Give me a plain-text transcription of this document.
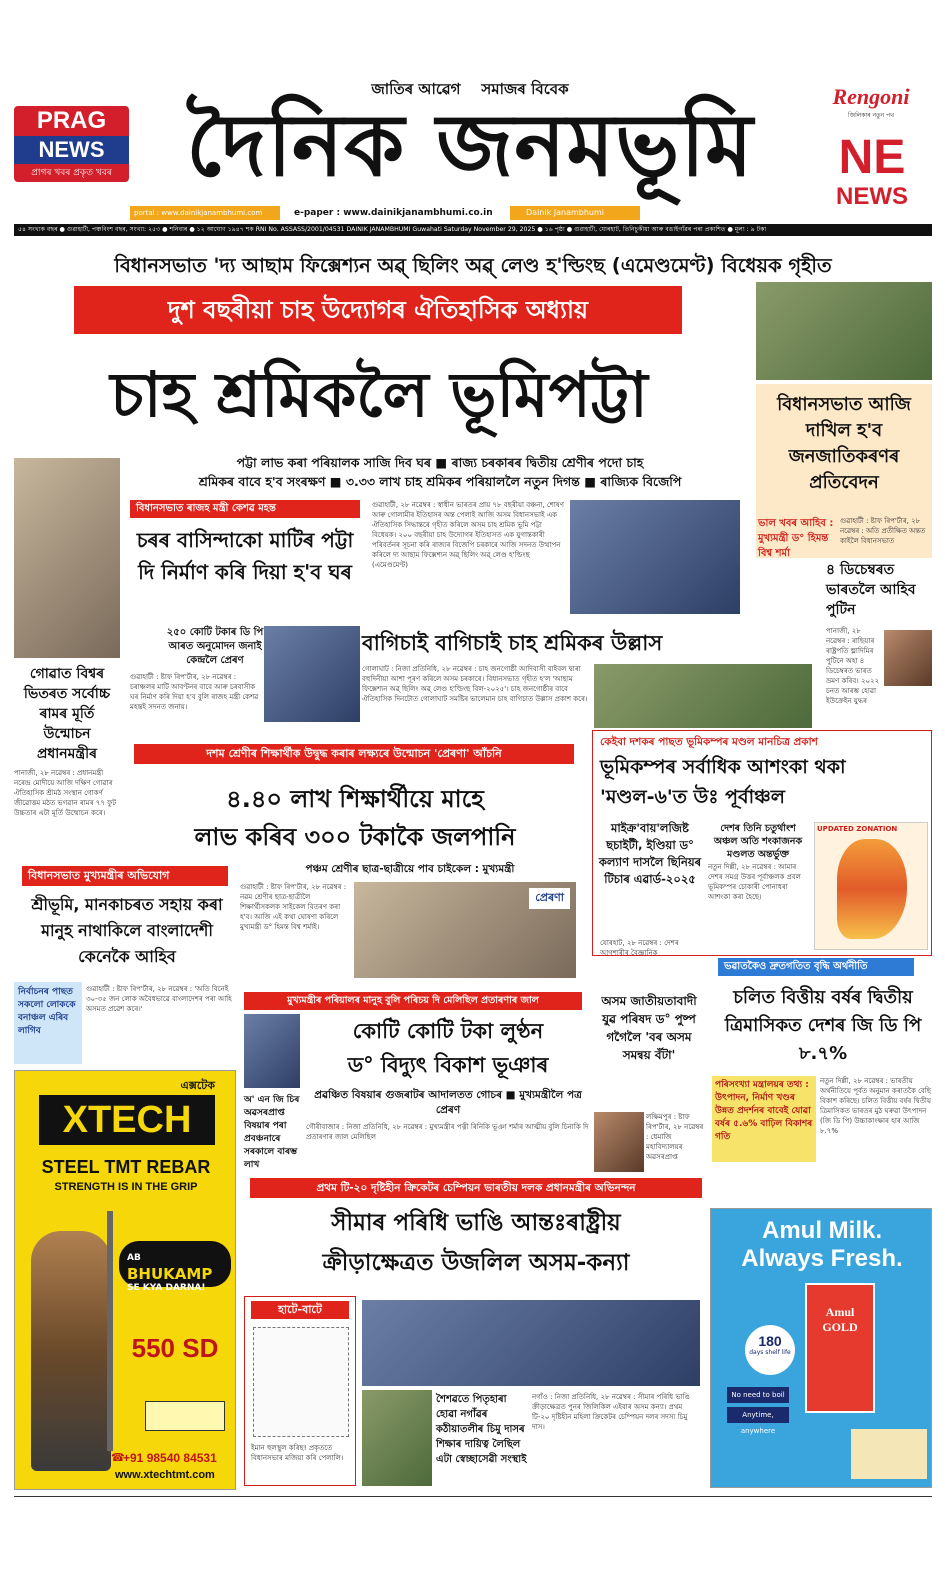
PRAG
NEWS
প্ৰাগৰ খবৰ প্ৰকৃত খবৰ
জাতিৰ আৱেগ    সমাজৰ বিবেক
দৈনিক জনমভূমি
portal : www.dainikjanambhumi.com	e-paper : www.dainikjanambhumi.co.in	Dainik Janambhumi
Rengoni
জিলিকাৰ নতুন পথ
NE
NEWS
৫৪ সংখ্যক বছৰ ● গুৱাহাটী, পঞ্চবিংশ বছৰ, সংখ্যা: ২৫৩ ● শনিবাৰ ● ১২ আঘোণ ১৯৪৭ শক RNI No. ASSASS/2001/04531 DAINIK JANAMBHUMI Guwahati Saturday November 29, 2025 ● ১৬ পৃষ্ঠা ● গুৱাহাটী, যোৰহাট, তিনিচুকীয়া আৰু বঙাইগাঁৱৰ পৰা প্ৰকাশিত ● মূল্য : ৯ টকা
বিধানসভাত 'দ্য আছাম ফিক্সেশ্যন অৱ্ ছিলিং অৱ্ লেণ্ড হ'ল্ডিংছ (এমেণ্ডমেণ্ট) বিধেয়ক গৃহীত
দুশ বছৰীয়া চাহ উদ্যোগৰ ঐতিহাসিক অধ্যায়
চাহ শ্ৰমিকলৈ ভূমিপট্টা
পট্টা লাভ কৰা পৰিয়ালক সাজি দিব ঘৰ ■ ৰাজ্য চৰকাৰৰ দ্বিতীয় শ্ৰেণীৰ পদো চাহ
শ্ৰমিকৰ বাবে হ'ব সংৰক্ষণ ■ ৩.৩৩ লাখ চাহ শ্ৰমিকৰ পৰিয়াললৈ নতুন দিগন্ত ■ ৰাজ্যিক বিজেপি
বিধানসভাত আজি দাখিল হ'ব জনজাতিকৰণৰ প্ৰতিবেদন
ভাল খবৰ আহিব : মুখ্যমন্ত্ৰী ড° হিমন্ত বিশ্ব শৰ্মা
গুৱাহাটী : ষ্টাফ ৰিপ'ৰ্টাৰ, ২৮ নৱেম্বৰ : অতি প্ৰতীক্ষিত অন্তত কাইলৈ বিধানসভাত
৪ ডিচেম্বৰত ভাৰতলৈ আহিব পুটিন
পানাজী, ২৮ নৱেম্বৰ : ৰাছিয়াৰ ৰাষ্ট্ৰপতি ভ্লাদিমিৰ পুটিনে অহা ৪ ডিচেম্বৰত ভাৰত ভ্ৰমণ কৰিব। ২০২২ চনত আৰম্ভ হোৱা ইউক্ৰেইন যুদ্ধৰ
গোৱাত বিশ্বৰ ভিতৰত সৰ্বোচ্চ ৰামৰ মূৰ্তি উন্মোচন প্ৰধানমন্ত্ৰীৰ
পানাজী, ২৮ নৱেম্বৰ : প্ৰধানমন্ত্ৰী নৰেন্দ্ৰ মোদীয়ে আজি দক্ষিণ গোৱাৰ ঐতিহাসিক শ্ৰীমঠ সংস্থান গোকৰ্ণ জীৱোত্তম মঠত ভগৱান ৰামৰ ৭৭ ফুট উচ্চতাৰ এটা মূৰ্তি উন্মোচন কৰে।
বিধানসভাত ৰাজহ মন্ত্ৰী কেশৱ মহন্ত
চৰৰ বাসিন্দাকো মাটিৰ পট্টা দি নিৰ্মাণ কৰি দিয়া হ'ব ঘৰ
২৫০ কোটি টকাৰ ডি পি আৰত অনুমোদন জনাই কেন্দ্ৰলৈ প্ৰেৰণ
গুৱাহাটী : ষ্টাফ ৰিপ'ৰ্টাৰ, ২৮ নৱেম্বৰ : চৰাঞ্চলৰ মাটি আবণ্টনৰ বাবে আৰু চৰবাসীক ঘৰ নিৰ্মাণ কৰি দিয়া হ'ব বুলি ৰাজহ মন্ত্ৰী কেশৱ মহন্তই সদনত জনায়।
গুৱাহাটী, ২৮ নৱেম্বৰ : স্বাধীন ভাৰতৰ প্ৰায় ৭৮ বছৰীয়া বঞ্চনা, শোষণ আৰু গোলামীৰ ইতিহাসৰ অন্ত পেলাই আজি অসম বিধানসভাই এক ঐতিহাসিক সিদ্ধান্তৰে গৃহীত কৰিলে অসম চাহ শ্ৰমিক ভূমি পট্টা বিধেয়ক। ২০০ বছৰীয়া চাহ উদ্যোগৰ ইতিহাসত এক যুগান্তকাৰী পৰিবৰ্তনৰ সূচনা কৰি ৰাজ্যৰ বিজেপি চৰকাৰে আজি সদনত উত্থাপন কৰিলে দ্য আছাম ফিক্সেশ্যন অৱ্ ছিলিং অৱ্ লেণ্ড হ'ল্ডিংছ (এমেণ্ডমেণ্ট)
বাগিচাই বাগিচাই চাহ শ্ৰমিকৰ উল্লাস
গোলাঘাট : নিজা প্ৰতিনিধি, ২৮ নৱেম্বৰ : চাহ জনগোষ্ঠী আদিবাসী বাইবল দ্বাৰা বহুদিনীয়া আশা পূৰণ কৰিলে অসম চৰকাৰে। বিধানসভাত গৃহীত হ'ল 'আছাম ফিক্সেশ্যন অৱ্ ছিলিং অৱ্ লেণ্ড হ'ল্ডিংছ বিল-২০২৫'। চাহ জনগোষ্ঠীৰ বাবে ঐতিহাসিক দিনটোত গোলাঘাট সমষ্টিৰ ভালেমান চাহ বাগিচাত উল্লাস প্ৰকাশ কৰে।
দশম শ্ৰেণীৰ শিক্ষাৰ্থীক উদ্বুদ্ধ কৰাৰ লক্ষ্যৰে উন্মোচন 'প্ৰেৰণা' আঁচনি
৪.৪০ লাখ শিক্ষাৰ্থীয়ে মাহে
লাভ কৰিব ৩০০ টকাকৈ জলপানি
পঞ্চম শ্ৰেণীৰ ছাত্ৰ-ছাত্ৰীয়ে পাব চাইকেল : মুখ্যমন্ত্ৰী
গুৱাহাটী : ষ্টাফ ৰিপ'ৰ্টাৰ, ২৮ নৱেম্বৰ : নৱম শ্ৰেণীৰ ছাত্ৰ-ছাত্ৰীলৈ শিক্ষাৰ্থীসকলক সাইকেল বিতৰণ কৰা হ'ব। আজি এই কথা ঘোষণা কৰিলে মুখ্যমন্ত্ৰী ড° হিমন্ত বিশ্ব শৰ্মাই।
প্ৰেৰণা
বিধানসভাত মুখ্যমন্ত্ৰীৰ অভিযোগ
শ্ৰীভূমি, মানকাচৰত সহায় কৰা মানুহ নাথাকিলে বাংলাদেশী কেনেকৈ আহিব
নিৰ্বাচনৰ পাছত সকলো লোককে বনাঞ্চল এৰিব লাগিব
গুৱাহাটী : ষ্টাফ ৰিপ'ৰ্টাৰ, ২৮ নৱেম্বৰ : 'অতি বিনেই ৩০-৩৫ জন লোক অবৈধভাৱে বাংলাদেশৰ পৰা আহি অসমত প্ৰৱেশ কৰে।'
কেইবা দশকৰ পাছত ভূমিকম্পৰ মণ্ডল মানচিত্ৰ প্ৰকাশ
ভূমিকম্পৰ সৰ্বাধিক আশংকা থকা 'মণ্ডল-৬'ত উঃ পূৰ্বাঞ্চল
যোৰহাট, ২৮ নৱেম্বৰ : দেশৰ আগশাৰীৰ বৈজ্ঞানিক
মাইক্ৰ'বায়'লজিষ্ট ছচাইটী, ইণ্ডিয়া ড° কল্যাণ দাসলৈ ছিনিয়ৰ টিচাৰ এৱাৰ্ড-২০২৫
দেশৰ তিনি চতুৰ্থাংশ অঞ্চল অতি শংকাজনক মণ্ডলত অন্তৰ্ভুক্ত
নতুন দিল্লী, ২৮ নৱেম্বৰ : আমাৰ দেশৰ সমগ্ৰ উত্তৰ পূৰ্বাঞ্চলক প্ৰবল ভূমিকম্পৰ চোকাৰী পোনাধৰা আশংকা কৰা হৈছে।
UPDATED ZONATION
অসম জাতীয়তাবাদী যুৱ পৰিষদ ড° পুষ্প গগৈলৈ 'বৰ অসম সমন্বয় বঁটা'
লক্ষিমপুৰ : ষ্টাফ ৰিপ'ৰ্টাৰ, ২৮ নৱেম্বৰ : ধেমাজি মহাবিদ্যালয়ৰ অৱসৰপ্ৰাপ্ত
ভৱাতকৈও দ্ৰুতগতিত বৃদ্ধি অৰ্থনীতি
চলিত বিত্তীয় বৰ্ষৰ দ্বিতীয় ত্ৰিমাসিকত দেশৰ জি ডি পি ৮.৭%
পৰিসংখ্যা মন্ত্ৰালয়ৰ তথ্য : উৎপাদন, নিৰ্মাণ খণ্ডৰ উন্নত প্ৰদৰ্শনৰ বাবেই যোৱা বৰ্ষৰ ৫.৬% বাঢ়িল বিকাশৰ গতি
নতুন দিল্লী, ২৮ নৱেম্বৰ : ভাৰতীয় অৰ্থনীতিয়ে পূৰ্বত অনুমান কৰাতকৈ বেছি বিকাশ কৰিছে। চলিত বিত্তীয় বৰ্ষৰ দ্বিতীয় ত্ৰিমাসিকত ভাৰতৰ মুঠ ঘৰুৱা উৎপাদন (জি ডি পি) উচ্চাকাংক্ষাৰ হাৰ আজি ৮.৭%
মুখ্যমন্ত্ৰীৰ পৰিয়ালৰ মানুহ বুলি পৰিচয় দি মেলিছিল প্ৰতাৰণাৰ জাল
কোটি কোটি টকা লুণ্ঠন
ড° বিদ্যুৎ বিকাশ ভূঞাৰ
প্ৰৱঞ্চিত বিষয়াৰ গুজৰাটৰ আদালতত গোচৰ ■ মুখ্যমন্ত্ৰীলৈ পত্ৰ প্ৰেৰণ
অ' এন জি চিৰ অৱসৰপ্ৰাপ্ত বিষয়াৰ পৰা প্ৰবঞ্চনাৰে সৰকালে বাৰম্ভ লাখ
গৌৰীবাজাৰ : নিজা প্ৰতিনিধি, ২৮ নৱেম্বৰ : মুখ্যমন্ত্ৰীৰ পত্নী ৰিনিকি ভূঞা শৰ্মাৰ আত্মীয় বুলি চিনাকি দি প্ৰতাৰণাৰ জাল মেলিছিল
এক্সটেক
XTECH
STEEL TMT REBAR
STRENGTH IS IN THE GRIP
AB BHUKAMP
SE KYA DARNA!
550 SD
☎
+91 98540 84531
www.xtechtmt.com
প্ৰথম টি-২০ দৃষ্টিহীন ক্ৰিকেটৰ চেম্পিয়ন ভাৰতীয় দলক প্ৰধানমন্ত্ৰীৰ অভিনন্দন
সীমাৰ পৰিধি ভাঙি আন্তঃৰাষ্ট্ৰীয়
ক্ৰীড়াক্ষেত্ৰত উজলিল অসম-কন্যা
হাটে-বাটে
ইমান হুলস্থুল কৰিছ! প্ৰকৃততে বিধানসভাৰ মজিয়া কৰি পেলালি।
শৈশৱতে পিতৃহাৰা হোৱা নগাঁৱৰ কঠীয়াতলীৰ চিমু দাসৰ শিক্ষাৰ দায়িত্ব লৈছিল এটা স্বেচ্ছাসেৱী সংস্থাই
নগাঁও : নিজা প্ৰতিনিধি, ২৮ নৱেম্বৰ : সীমাৰ পৰিধি ভাঙি ক্ৰীড়াক্ষেত্ৰত পুনৰ জিলিকিল এইবাৰ অসম কন্যা। প্ৰথম টি-২০ দৃষ্টিহীন মহিলা ক্ৰিকেটৰ চেম্পিয়ন দলৰ সদস্য চিমু দাস।
Amul Milk.
Always Fresh.
180
days shelf life
No need to boil
Anytime, anywhere
Amul GOLD
